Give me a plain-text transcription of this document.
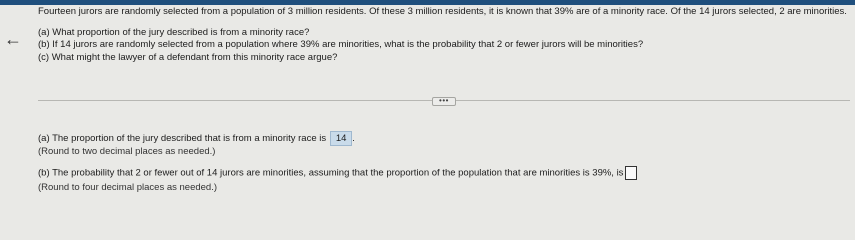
←

Fourteen jurors are randomly selected from a population of 3 million residents. Of these 3 million residents, it is known that 39% are of a minority race. Of the 14 jurors selected, 2 are minorities.

(a) What proportion of the jury described is from a minority race?

(b) If 14 jurors are randomly selected from a population where 39% are minorities, what is the probability that 2 or fewer jurors will be minorities?

(c) What might the lawyer of a defendant from this minority race argue?

•••

(a) The proportion of the jury described that is from a minority race is 14 .

(Round to two decimal places as needed.)

(b) The probability that 2 or fewer out of 14 jurors are minorities, assuming that the proportion of the population that are minorities is 39%, is

(Round to four decimal places as needed.)
